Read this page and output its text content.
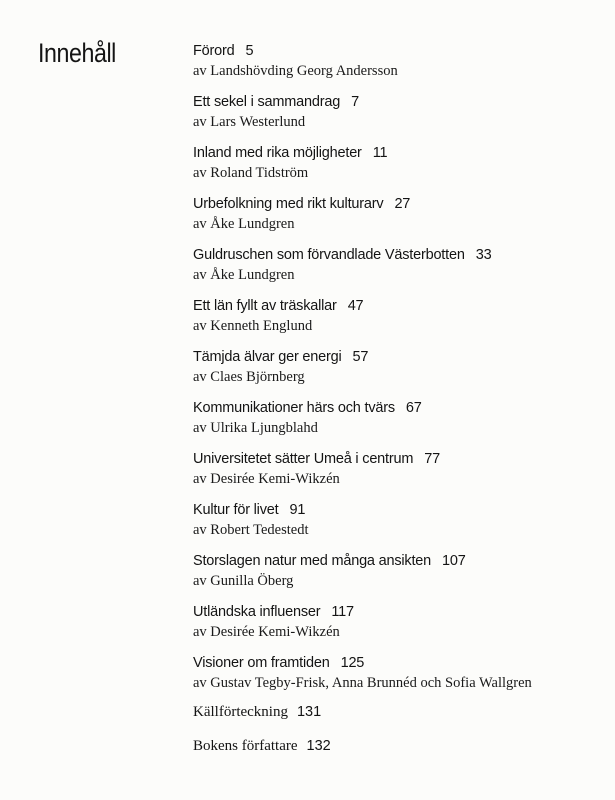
Innehåll	Förord 5
av Landshövding Georg Andersson
Ett sekel i sammandrag 7
av Lars Westerlund
Inland med rika möjligheter 11
av Roland Tidström
Urbefolkning med rikt kulturarv 27
av Åke Lundgren
Guldruschen som förvandlade Västerbotten 33
av Åke Lundgren
Ett län fyllt av träskallar 47
av Kenneth Englund
Tämjda älvar ger energi 57
av Claes Björnberg
Kommunikationer härs och tvärs 67
av Ulrika Ljungblahd
Universitetet sätter Umeå i centrum 77
av Desirée Kemi-Wikzén
Kultur för livet 91
av Robert Tedestedt
Storslagen natur med många ansikten 107
av Gunilla Öberg
Utländska influenser 117
av Desirée Kemi-Wikzén
Visioner om framtiden 125
av Gustav Tegby-Frisk, Anna Brunnéd och Sofia Wallgren
Källförteckning 131
Bokens författare 132
